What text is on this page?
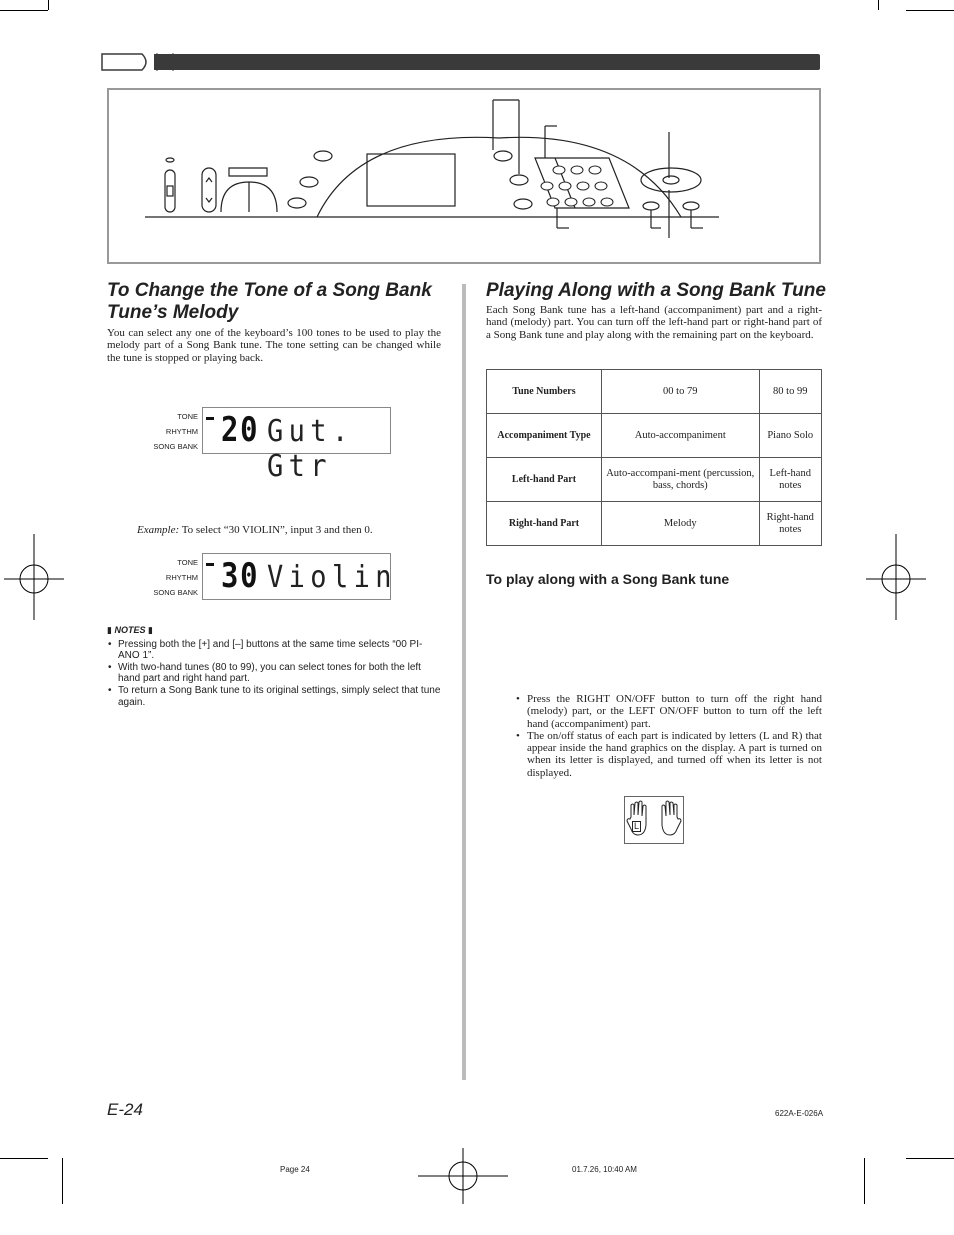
To Change the Tone of a Song Bank Tune’s Melody

You can select any one of the keyboard’s 100 tones to be used to play the melody part of a Song Bank tune. The tone setting can be changed while the tune is stopped or playing back.

TONE
RHYTHM
SONG BANK 20 Gut. Gtr

Example: To select “30 VIOLIN”, input 3 and then 0.

TONE
RHYTHM
SONG BANK 30 Violin
▮ NOTES ▮
• Pressing both the [+] and [–] buttons at the same time selects “00 PI-ANO 1”.
• With two-hand tunes (80 to 99), you can select tones for both the left hand part and right hand part.
• To return a Song Bank tune to its original settings, simply select that tune again.
Playing Along with a Song Bank Tune

Each Song Bank tune has a left-hand (accompaniment) part and a right-hand (melody) part. You can turn off the left-hand part or right-hand part of a Song Bank tune and play along with the remaining part on the keyboard.

Tune Numbers	00 to 79	80 to 99
Accompaniment Type	Auto-accompaniment	Piano Solo
Left-hand Part	Auto-accompani-ment (percussion, bass, chords)	Left-hand notes
Right-hand Part	Melody	Right-hand notes
To play along with a Song Bank tune
• Press the RIGHT ON/OFF button to turn off the right hand (melody) part, or the LEFT ON/OFF button to turn off the left hand (accompaniment) part.
• The on/off status of each part is indicated by letters (L and R) that appear inside the hand graphics on the display. A part is turned on when its letter is displayed, and turned off when its letter is not displayed.
L
E-24	622A-E-026A
Page 24	01.7.26, 10:40 AM
